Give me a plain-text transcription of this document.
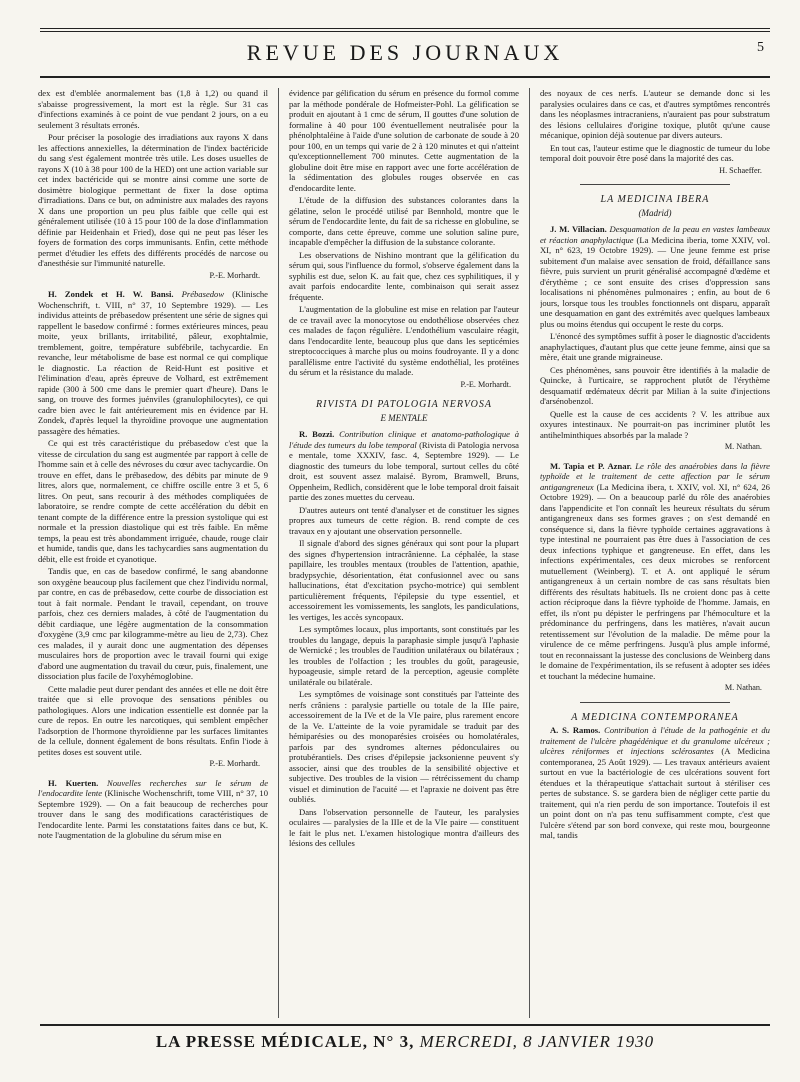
REVUE DES JOURNAUX	5

dex est d'emblée anormalement bas (1,8 à 1,2) ou quand il s'abaisse progressivement, la mort est la règle. Sur 31 cas d'infections examinés à ce point de vue pendant 2 jours, on a eu seulement 3 résultats erronés.

Pour préciser la posologie des irradiations aux rayons X dans les affections annexielles, la détermination de l'index bactéricide du sang s'est également montrée très utile. Les doses usuelles de rayons X (10 à 38 pour 100 de la HED) ont une action variable sur cet index bactéricide qui se montre ainsi comme une sorte de dosimètre biologique permettant de fixer la dose optima d'irradiations. Dans ce but, on administre aux malades des rayons X dans une proportion un peu plus faible que celle qui est généralement utilisée (10 à 15 pour 100 de la dose d'inflammation définie par Heidenhain et Fried), dose qui ne peut pas léser les foyers de formation des corps immunisants. Enfin, cette méthode permet d'étudier les effets des différents procédés de narcose ou d'anesthésie sur l'immunité naturelle.

P.-E. Morhardt.

H. Zondek et H. W. Bansi. Prébasedow (Klinische Wochenschrift, t. VIII, n° 37, 10 Septembre 1929). — Les individus atteints de prébasedow présentent une série de signes qui rappellent le basedow confirmé : formes extérieures minces, peau moite, yeux brillants, irritabilité, pâleur, exophtalmie, tremblement, goitre, température subfébrile, tachycardie. En revanche, leur métabolisme de base est normal ce qui complique le diagnostic. La réaction de Reid-Hunt est positive et l'élimination d'eau, après épreuve de Volhard, est extrêmement rapide (300 à 500 cme dans le premier quart d'heure). Dans le sang, on trouve des formes juénviles (granulophilocytes), ce qui cadre bien avec le fait antérieurement mis en évidence par H. Zondek, d'après lequel la thyroïdine provoque une augmentation passagère des hématies.

Ce qui est très caractéristique du prébasedow c'est que la vitesse de circulation du sang est augmentée par rapport à celle de l'homme sain et à celle des névroses du cœur avec tachycardie. On trouve en effet, dans le prébasedow, des débits par minute de 9 litres, alors que, normalement, ce chiffre oscille entre 3 et 5, 6 litres. On peut, sans recourir à des méthodes compliquées de laboratoire, se rendre compte de cette accélération du débit en tenant compte de la différence entre la pression systolique qui est normale et la pression diastolique qui est très faible. En même temps, la peau est très abondamment irriguée, chaude, rouge clair et humide, tandis que, dans les tachycardies sans augmentation du débit, elle est froide et cyanotique.

Tandis que, en cas de basedow confirmé, le sang abandonne son oxygène beaucoup plus facilement que chez l'individu normal, par contre, en cas de prébasedow, cette courbe de dissociation est tout à fait normale. Pendant le travail, cependant, on trouve parfois, chez ces derniers malades, à côté de l'augmentation du débit cardiaque, une légère augmentation de la consommation d'oxygène (3,9 cmc par kilogramme-mètre au lieu de 2,73). Chez ces malades, il y aurait donc une augmentation des dépenses musculaires hors de proportion avec le travail fourni qui exige d'abord une augmentation du travail du cœur, puis, finalement, une dissociation plus facile de l'oxyhémoglobine.

Cette maladie peut durer pendant des années et elle ne doit être traitée que si elle provoque des sensations pénibles ou pathologiques. Alors une indication essentielle est donnée par la cure de repos. En outre les narcotiques, qui semblent empêcher l'adsorption de l'hormone thyroïdienne par les surfaces limitantes de la cellule, donnent également de bons résultats. Enfin l'iode à petites doses est souvent utile.

P.-E. Morhardt.

H. Kuerten. Nouvelles recherches sur le sérum de l'endocardite lente (Klinische Wochenschrift, tome VIII, n° 37, 10 Septembre 1929). — On a fait beaucoup de recherches pour trouver dans le sang des modifications caractéristiques de l'endocardite lente. Parmi les constatations faites dans ce but, K. note l'augmentation de la globuline du sérum mise en

évidence par gélification du sérum en présence du formol comme par la méthode pondérale de Hofmeister-Pohl. La gélification se produit en ajoutant à 1 cmc de sérum, II gouttes d'une solution de formaline à 40 pour 100 éventuellement neutralisée pour la phénolphtaléine à l'aide d'une solution de carbonate de soude à 20 pour 100, en un temps qui varie de 2 à 120 minutes et qui n'atteint qu'exceptionnellement 700 minutes. Cette augmentation de la globuline doit être mise en rapport avec une forte accélération de la sédimentation des globules rouges observée en cas d'endocardite lente.

L'étude de la diffusion des substances colorantes dans la gélatine, selon le procédé utilisé par Bennhold, montre que le sérum de l'endocardite lente, du fait de sa richesse en globuline, se comporte, dans cette épreuve, comme une solution saline pure, incapable d'empêcher la diffusion de la substance colorante.

Les observations de Nishino montrant que la gélification du sérum qui, sous l'influence du formol, s'observe également dans la syphilis est due, selon K. au fait que, chez ces syphilitiques, il y avait parfois endocardite lente, combinaison qui serait assez fréquente.

L'augmentation de la globuline est mise en relation par l'auteur de ce travail avec la monocytose ou endothéliose observées chez ces malades de façon régulière. L'endothélium vasculaire réagit, dans l'endocardite lente, beaucoup plus que dans les septicémies streptococciques à marche plus ou moins foudroyante. Il y a donc parallélisme entre l'activité du système endothélial, les protéines du sérum et la résistance du malade.

P.-E. Morhardt.
RIVISTA DI PATOLOGIA NERVOSA
E MENTALE

R. Bozzi. Contribution clinique et anatomo-pathologique à l'étude des tumeurs du lobe temporal (Rivista di Patologia nervosa e mentale, tome XXXIV, fasc. 4, Septembre 1929). — Le diagnostic des tumeurs du lobe temporal, surtout celles du côté droit, est souvent assez malaisé. Byrom, Bramwell, Bruns, Oppenheim, Redlich, considèrent que le lobe temporal droit faisait partie des zones muettes du cerveau.

D'autres auteurs ont tenté d'analyser et de constituer les signes propres aux tumeurs de cette région. B. rend compte de ces travaux en y ajoutant une observation personnelle.

Il signale d'abord des signes généraux qui sont pour la plupart des signes d'hypertension intracrânienne. La céphalée, la stase papillaire, les troubles mentaux (troubles de l'attention, apathie, bradypsychie, désorientation, état confusionnel avec ou sans hallucinations, état d'excitation psycho-motrice) qui semblent particulièrement fréquents, l'épilepsie du type essentiel, et accessoirement les vomissements, les sanglots, les pandiculations, les vertiges, les accès syncopaux.

Les symptômes locaux, plus importants, sont constitués par les troubles du langage, depuis la paraphasie simple jusqu'à l'aphasie de Wernické ; les troubles de l'audition unilatéraux ou bilatéraux ; les troubles de l'olfaction ; les troubles du goût, parageusie, hypoageusie, simple retard de la perception, ageusie complète unilatérale ou bilatérale.

Les symptômes de voisinage sont constitués par l'atteinte des nerfs crâniens : paralysie partielle ou totale de la IIIe paire, accessoirement de la IVe et de la VIe paire, plus rarement encore de la Ve. L'atteinte de la voie pyramidale se traduit par des hémiparésies ou des monoparésies croisées ou homolatérales, parfois par des syndromes alternes pédonculaires ou protubérantiels. Des crises d'épilepsie jacksonienne peuvent s'y associer, ainsi que des troubles de la sensibilité objective et subjective. Des troubles de la vision — rétrécissement du champ visuel et diminution de l'acuité — et l'apraxie ne doivent pas être oubliés.

Dans l'observation personnelle de l'auteur, les paralysies oculaires — paralysies de la IIIe et de la VIe paire — constituent le fait le plus net. L'examen histologique montra d'ailleurs des lésions des cellules

des noyaux de ces nerfs. L'auteur se demande donc si les paralysies oculaires dans ce cas, et d'autres symptômes rencontrés dans les néoplasmes intracraniens, n'auraient pas pour substratum des lésions cellulaires d'origine toxique, plutôt qu'une cause mécanique, opinion déjà soutenue par divers auteurs.

En tout cas, l'auteur estime que le diagnostic de tumeur du lobe temporal doit pouvoir être posé dans la majorité des cas.

H. Schaeffer.
LA MEDICINA IBERA
(Madrid)

J. M. Villacian. Desquamation de la peau en vastes lambeaux et réaction anaphylactique (La Medicina iberia, tome XXIV, vol. XI, n° 623, 19 Octobre 1929). — Une jeune femme est prise subitement d'un malaise avec sensation de froid, défaillance sans fièvre, puis survient un prurit généralisé accompagné d'œdème et d'érythème ; ce sont ensuite des crises d'oppression sans localisations ni phénomènes pulmonaires ; enfin, au bout de 6 jours, lorsque tous les troubles fonctionnels ont disparu, apparaît une desquamation en gant des extrémités avec quelques lambeaux plus ou moins étendus qui occupent le reste du corps.

L'énoncé des symptômes suffit à poser le diagnostic d'accidents anaphylactiques, d'autant plus que cette jeune femme, ainsi que sa mère, était une grande migraineuse.

Ces phénomènes, sans pouvoir être identifiés à la maladie de Quincke, à l'urticaire, se rapprochent plutôt de l'érythème desquamatif œdémateux décrit par Milian à la suite d'injections d'arsénobenzol.

Quelle est la cause de ces accidents ? V. les attribue aux oxyures intestinaux. Ne pourrait-on pas incriminer plutôt les antihelminthiques absorbés par la malade ?

M. Nathan.

M. Tapia et P. Aznar. Le rôle des anaérobies dans la fièvre typhoïde et le traitement de cette affection par le sérum antigangreneux (La Medicina ibera, t. XXIV, vol. XI, n° 624, 26 Octobre 1929). — On a beaucoup parlé du rôle des anaérobies dans l'appendicite et l'on connaît les heureux résultats du sérum antigangreneux dans ses formes graves ; on s'est demandé en conséquence si, dans la fièvre typhoïde certaines aggravations à type intestinal ne pourraient pas être dues à l'association de ces deux infections typhique et gangreneuse. En effet, dans les infections expérimentales, ces deux microbes se renforcent mutuellement (Weinberg). T. et A. ont appliqué le sérum antigangreneux à un certain nombre de cas sans résultats bien différents des résultats habituels. Ils ne croient donc pas à cette action réciproque dans la fièvre typhoïde de l'homme. Jamais, en effet, ils n'ont pu dépister le perfringens par l'hémoculture et la prédominance du perfringens, dans les matières, n'avait aucun retentissement sur l'évolution de la maladie. De même pour la virulence de ce même perfringens. Jusqu'à plus ample informé, tout en reconnaissant la justesse des conclusions de Weinberg dans le domaine de l'expérimentation, ils se refusent à adopter ses idées et touchant la médecine humaine.

M. Nathan.
A MEDICINA CONTEMPORANEA

A. S. Ramos. Contribution à l'étude de la pathogénie et du traitement de l'ulcère phagédénique et du granulome ulcéreux ; ulcères réniformes et injections sclérosantes (A Medicina contemporanea, 25 Août 1929). — Les travaux antérieurs avaient surtout en vue la bactériologie de ces ulcérations souvent fort étendues et la thérapeutique s'attachait surtout à stériliser ces pertes de substance. S. se gardera bien de négliger cette partie du traitement, qui n'a rien perdu de son importance. Toutefois il est un point dont on n'a pas tenu suffisamment compte, c'est que l'ulcère s'étend par son bord convexe, qui reste mou, bourgeonne mal, tandis

LA PRESSE MÉDICALE, N° 3, MERCREDI, 8 JANVIER 1930
